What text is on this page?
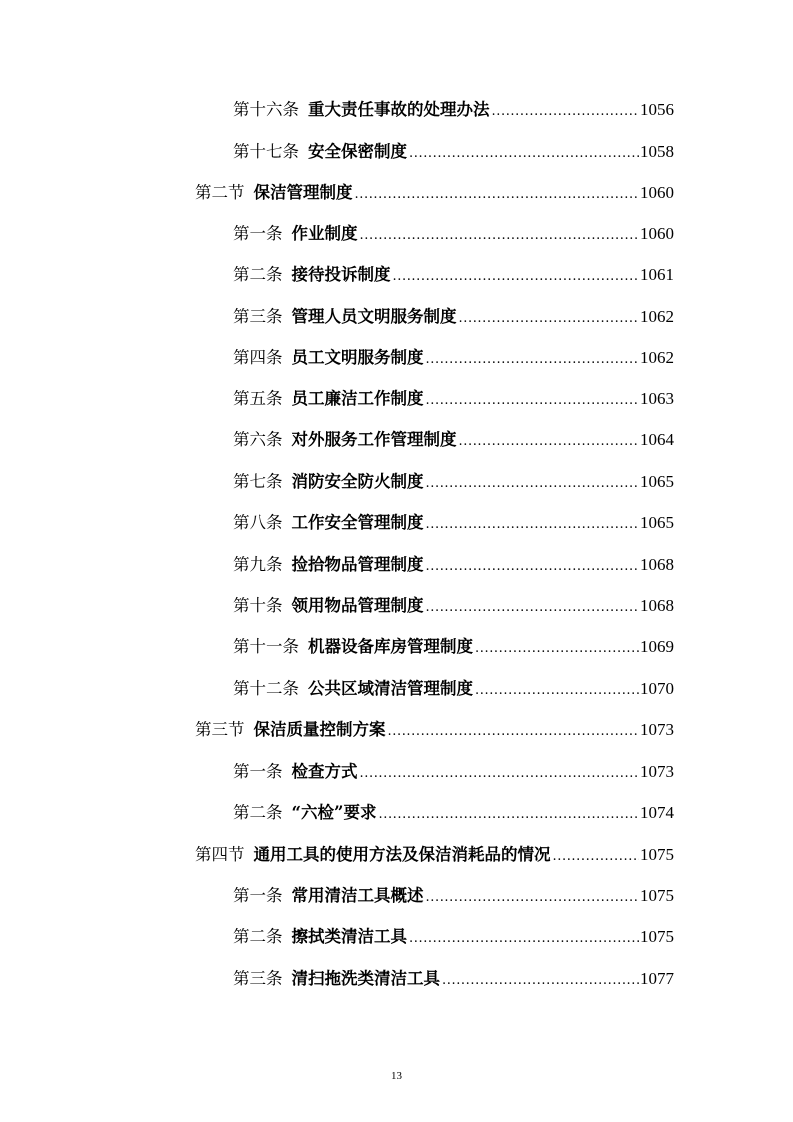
第十六条 重大责任事故的处理办法 .....	1056
第十七条 安全保密制度 .....	1058
第二节 保洁管理制度 .....	1060
第一条 作业制度 .....	1060
第二条 接待投诉制度 .....	1061
第三条 管理人员文明服务制度 .....	1062
第四条 员工文明服务制度 .....	1062
第五条 员工廉洁工作制度 .....	1063
第六条 对外服务工作管理制度 .....	1064
第七条 消防安全防火制度 .....	1065
第八条 工作安全管理制度 .....	1065
第九条 捡拾物品管理制度 .....	1068
第十条 领用物品管理制度 .....	1068
第十一条 机器设备库房管理制度 .....	1069
第十二条 公共区域清洁管理制度 .....	1070
第三节 保洁质量控制方案 .....	1073
第一条 检查方式 .....	1073
第二条 “六检”要求 .....	1074
第四节 通用工具的使用方法及保洁消耗品的情况 .....	1075
第一条 常用清洁工具概述 .....	1075
第二条 擦拭类清洁工具 .....	1075
第三条 清扫拖洗类清洁工具 .....	1077
13
